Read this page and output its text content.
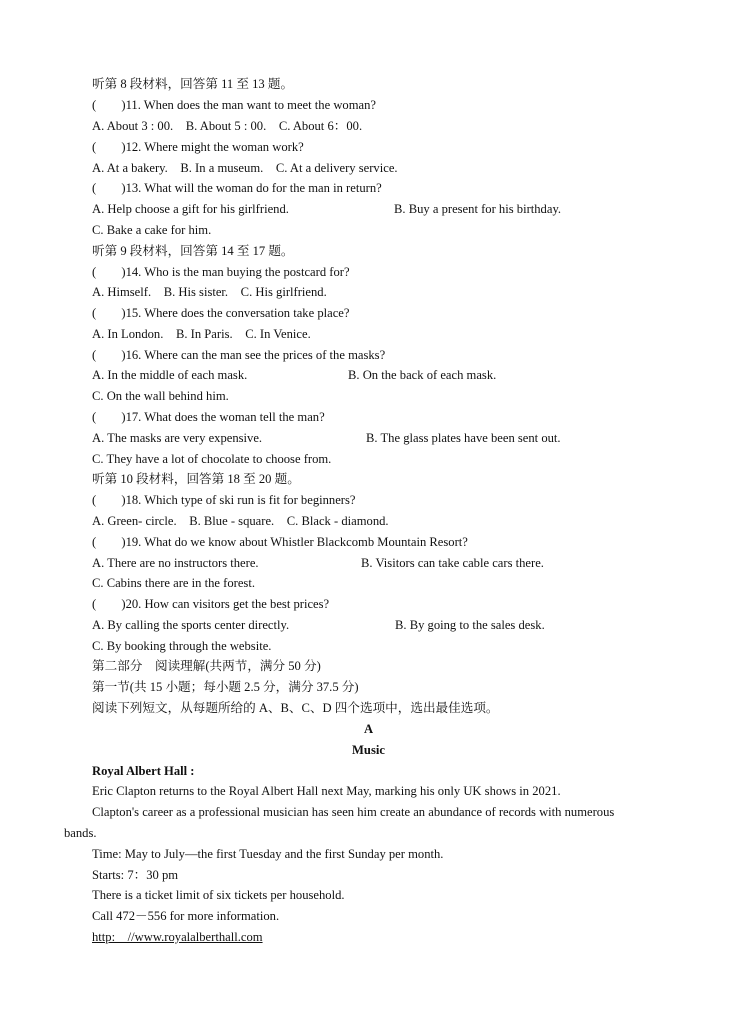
听第 8 段材料，回答第 11 至 13 题。
(　　)11. When does the man want to meet the woman?
A. About 3 : 00.　B. About 5 : 00.　C. About 6：00.
(　　)12. Where might the woman work?
A. At a bakery.　B. In a museum.　C. At a delivery service.
(　　)13. What will the woman do for the man in return?
A. Help choose a gift for his girlfriend.	B. Buy a present for his birthday.
C. Bake a cake for him.
听第 9 段材料，回答第 14 至 17 题。
(　　)14. Who is the man buying the postcard for?
A. Himself.　B. His sister.　C. His girlfriend.
(　　)15. Where does the conversation take place?
A. In London.　B. In Paris.　C. In Venice.
(　　)16. Where can the man see the prices of the masks?
A. In the middle of each mask.	B. On the back of each mask.
C. On the wall behind him.
(　　)17. What does the woman tell the man?
A. The masks are very expensive.	B. The glass plates have been sent out.
C. They have a lot of chocolate to choose from.
听第 10 段材料，回答第 18 至 20 题。
(　　)18. Which type of ski run is fit for beginners?
A. Green- circle.　B. Blue - square.　C. Black - diamond.
(　　)19. What do we know about Whistler Blackcomb Mountain Resort?
A. There are no instructors there.	B. Visitors can take cable cars there.
C. Cabins there are in the forest.
(　　)20. How can visitors get the best prices?
A. By calling the sports center directly.	B. By going to the sales desk.
C. By booking through the website.
第二部分　阅读理解(共两节，满分 50 分)
第一节(共 15 小题；每小题 2.5 分，满分 37.5 分)
阅读下列短文，从每题所给的 A、B、C、D 四个选项中，选出最佳选项。
A
Music
Royal Albert Hall :
Eric Clapton returns to the Royal Albert Hall next May, marking his only UK shows in 2021.
Clapton's career as a professional musician has seen him create an abundance of records with numerous
bands.
Time: May to July—the first Tuesday and the first Sunday per month.
Starts: 7：30 pm
There is a ticket limit of six tickets per household.
Call 472－556 for more information.
http:　//www.royalalberthall.com
